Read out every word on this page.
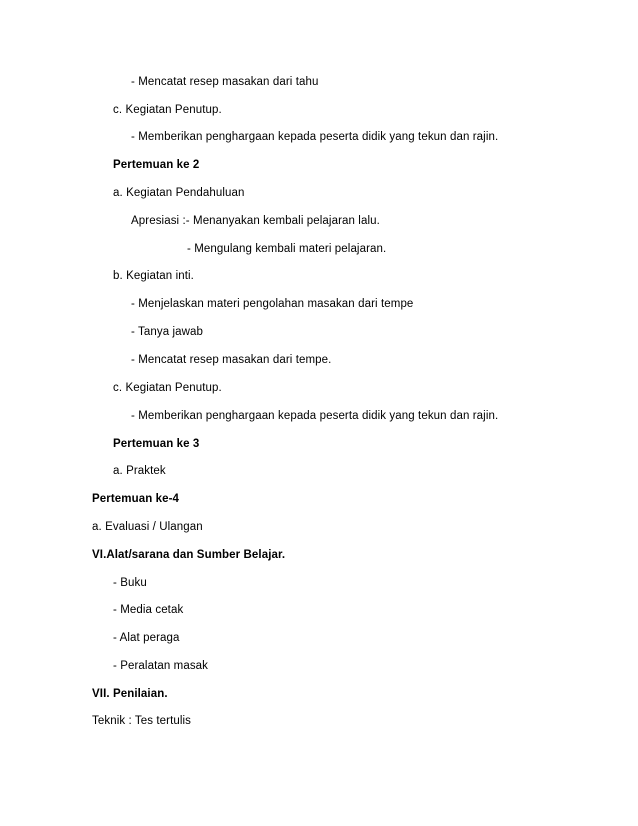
- Mencatat resep masakan dari tahu
c. Kegiatan Penutup.
- Memberikan penghargaan kepada peserta didik yang tekun dan rajin.
Pertemuan ke 2
a. Kegiatan Pendahuluan
Apresiasi :- Menanyakan kembali pelajaran lalu.
- Mengulang kembali materi pelajaran.
b. Kegiatan inti.
- Menjelaskan materi pengolahan masakan dari tempe
- Tanya jawab
- Mencatat resep masakan dari tempe.
c. Kegiatan Penutup.
- Memberikan penghargaan kepada peserta didik yang tekun dan rajin.
Pertemuan ke 3
a. Praktek
Pertemuan ke-4
a. Evaluasi / Ulangan
VI.Alat/sarana dan Sumber Belajar.
- Buku
- Media cetak
- Alat peraga
- Peralatan masak
VII. Penilaian.
Teknik : Tes tertulis
